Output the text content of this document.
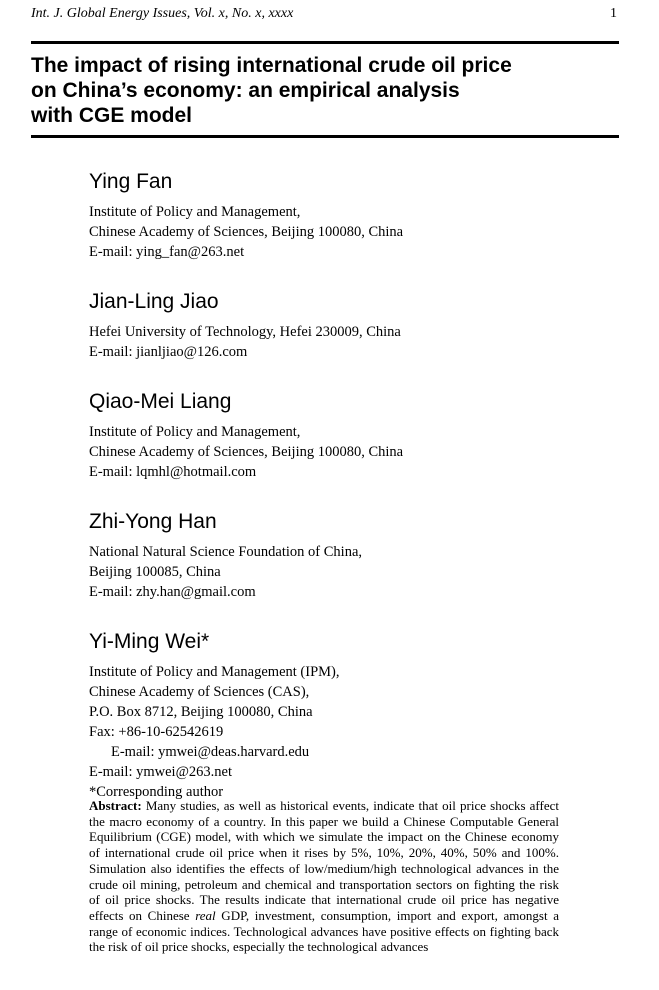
Int. J. Global Energy Issues, Vol. x, No. x, xxxx	1
The impact of rising international crude oil price
on China’s economy: an empirical analysis
with CGE model
Ying Fan
Institute of Policy and Management,
Chinese Academy of Sciences, Beijing 100080, China
E-mail: ying_fan@263.net
Jian-Ling Jiao
Hefei University of Technology, Hefei 230009, China
E-mail: jianljiao@126.com
Qiao-Mei Liang
Institute of Policy and Management,
Chinese Academy of Sciences, Beijing 100080, China
E-mail: lqmhl@hotmail.com
Zhi-Yong Han
National Natural Science Foundation of China,
Beijing 100085, China
E-mail: zhy.han@gmail.com
Yi-Ming Wei*
Institute of Policy and Management (IPM),
Chinese Academy of Sciences (CAS),
P.O. Box 8712, Beijing 100080, China
Fax: +86-10-62542619
E-mail: ymwei@deas.harvard.edu
E-mail: ymwei@263.net
*Corresponding author

Abstract: Many studies, as well as historical events, indicate that oil price shocks affect the macro economy of a country. In this paper we build a Chinese Computable General Equilibrium (CGE) model, with which we simulate the impact on the Chinese economy of international crude oil price when it rises by 5%, 10%, 20%, 40%, 50% and 100%. Simulation also identifies the effects of low/medium/high technological advances in the crude oil mining, petroleum and chemical and transportation sectors on fighting the risk of oil price shocks. The results indicate that international crude oil price has negative effects on Chinese real GDP, investment, consumption, import and export, amongst a range of economic indices. Technological advances have positive effects on fighting back the risk of oil price shocks, especially the technological advances
